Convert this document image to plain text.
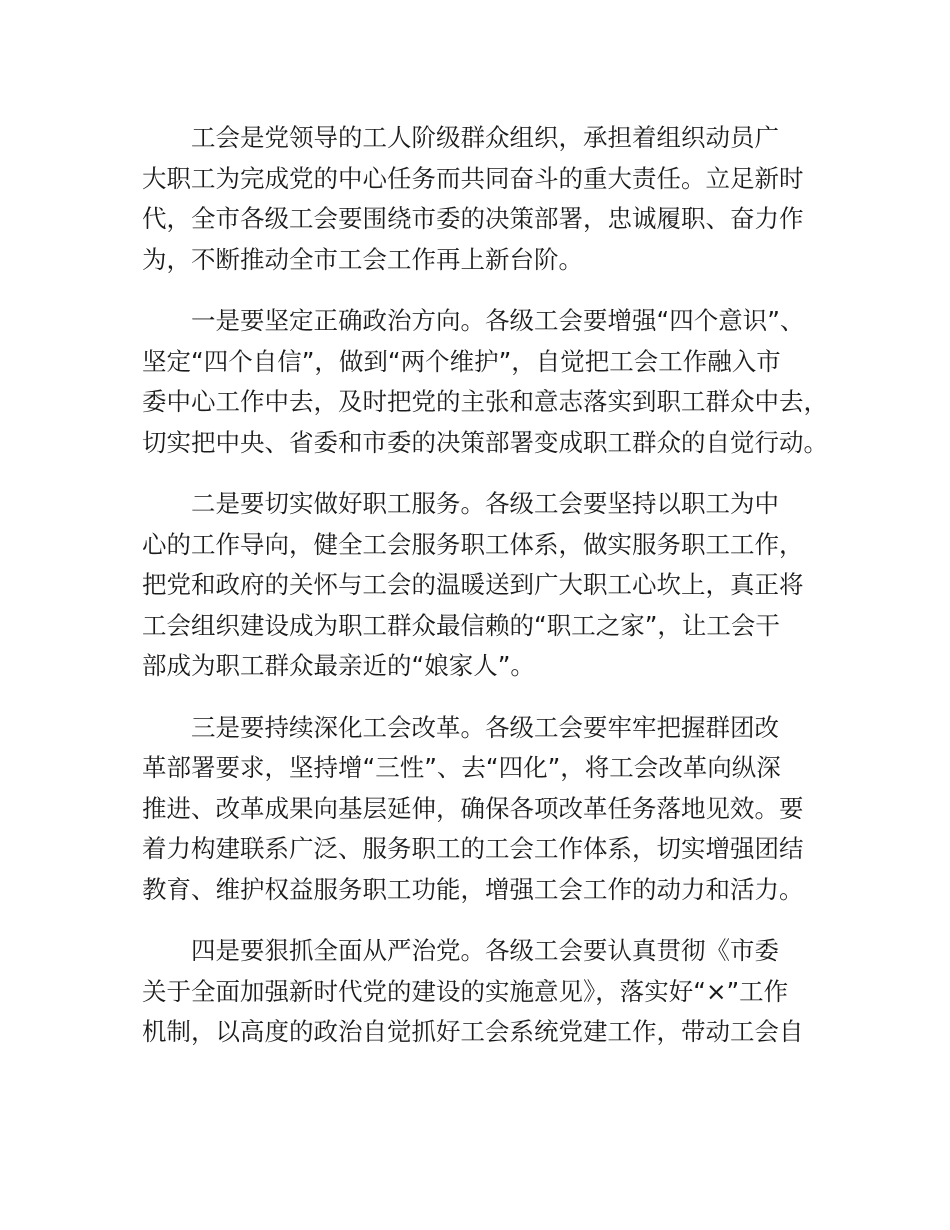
工会是党领导的工人阶级群众组织，承担着组织动员广
大职工为完成党的中心任务而共同奋斗的重大责任。立足新时
代，全市各级工会要围绕市委的决策部署，忠诚履职、奋力作
为，不断推动全市工会工作再上新台阶。

一是要坚定正确政治方向。各级工会要增强“四个意识”、
坚定“四个自信”，做到“两个维护”，自觉把工会工作融入市
委中心工作中去，及时把党的主张和意志落实到职工群众中去，
切实把中央、省委和市委的决策部署变成职工群众的自觉行动。

二是要切实做好职工服务。各级工会要坚持以职工为中
心的工作导向，健全工会服务职工体系，做实服务职工工作，
把党和政府的关怀与工会的温暖送到广大职工心坎上，真正将
工会组织建设成为职工群众最信赖的“职工之家”，让工会干
部成为职工群众最亲近的“娘家人”。

三是要持续深化工会改革。各级工会要牢牢把握群团改
革部署要求，坚持增“三性”、去“四化”，将工会改革向纵深
推进、改革成果向基层延伸，确保各项改革任务落地见效。要
着力构建联系广泛、服务职工的工会工作体系，切实增强团结
教育、维护权益服务职工功能，增强工会工作的动力和活力。

四是要狠抓全面从严治党。各级工会要认真贯彻《市委
关于全面加强新时代党的建设的实施意见》，落实好“×”工作
机制，以高度的政治自觉抓好工会系统党建工作，带动工会自
